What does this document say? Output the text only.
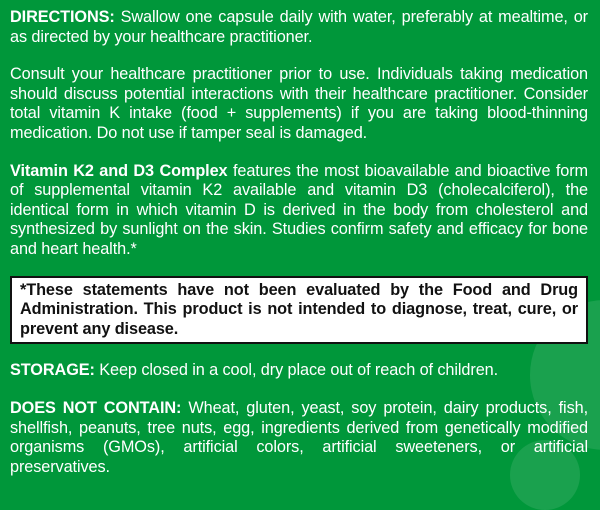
DIRECTIONS: Swallow one capsule daily with water, preferably at mealtime, or as directed by your healthcare practitioner.

Consult your healthcare practitioner prior to use. Individuals taking medication should discuss potential interactions with their healthcare practitioner. Consider total vitamin K intake (food + supplements) if you are taking blood-thinning medication. Do not use if tamper seal is damaged.

Vitamin K2 and D3 Complex features the most bioavailable and bioactive form of supplemental vitamin K2 available and vitamin D3 (cholecalciferol), the identical form in which vitamin D is derived in the body from cholesterol and synthesized by sunlight on the skin. Studies confirm safety and efficacy for bone and heart health.*

*These statements have not been evaluated by the Food and Drug Administration. This product is not intended to diagnose, treat, cure, or prevent any disease.

STORAGE: Keep closed in a cool, dry place out of reach of children.

DOES NOT CONTAIN: Wheat, gluten, yeast, soy protein, dairy products, fish, shellfish, peanuts, tree nuts, egg, ingredients derived from genetically modified organisms (GMOs), artificial colors, artificial sweeteners, or artificial preservatives.
